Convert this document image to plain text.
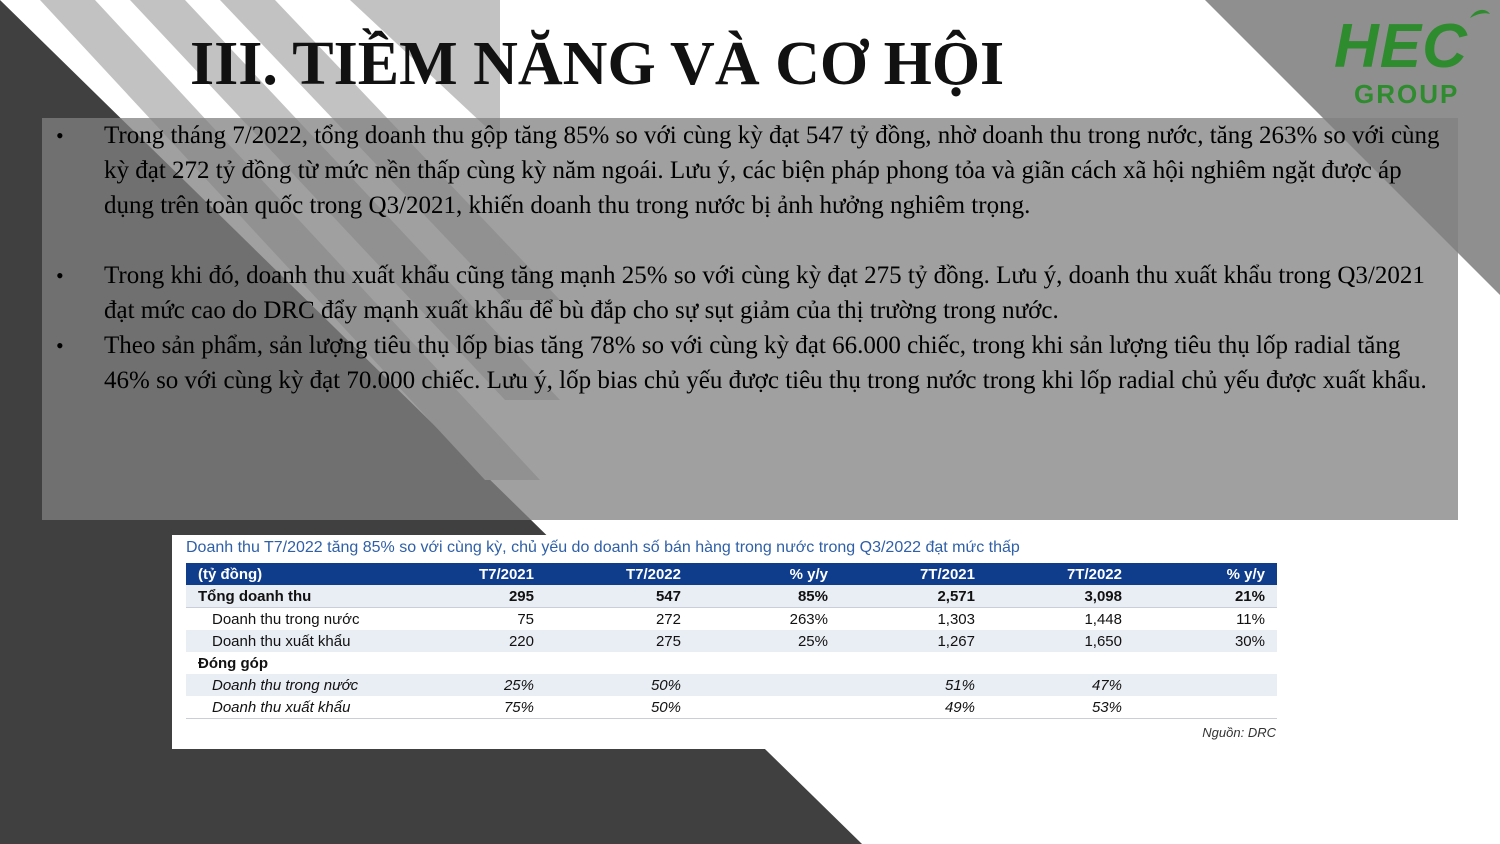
III. TIỀM NĂNG VÀ CƠ HỘI	HEC
GROUP
• Trong tháng 7/2022, tổng doanh thu gộp tăng 85% so với cùng kỳ đạt 547 tỷ đồng, nhờ doanh thu trong nước, tăng 263% so với cùng kỳ đạt 272 tỷ đồng từ mức nền thấp cùng kỳ năm ngoái. Lưu ý, các biện pháp phong tỏa và giãn cách xã hội nghiêm ngặt được áp dụng trên toàn quốc trong Q3/2021, khiến doanh thu trong nước bị ảnh hưởng nghiêm trọng.
• Trong khi đó, doanh thu xuất khẩu cũng tăng mạnh 25% so với cùng kỳ đạt 275 tỷ đồng. Lưu ý, doanh thu xuất khẩu trong Q3/2021 đạt mức cao do DRC đẩy mạnh xuất khẩu để bù đắp cho sự sụt giảm của thị trường trong nước.
• Theo sản phẩm, sản lượng tiêu thụ lốp bias tăng 78% so với cùng kỳ đạt 66.000 chiếc, trong khi sản lượng tiêu thụ lốp radial tăng 46% so với cùng kỳ đạt 70.000 chiếc. Lưu ý, lốp bias chủ yếu được tiêu thụ trong nước trong khi lốp radial chủ yếu được xuất khẩu.
Doanh thu T7/2022 tăng 85% so với cùng kỳ, chủ yếu do doanh số bán hàng trong nước trong Q3/2022 đạt mức thấp
(tỷ đồng)	T7/2021	T7/2022	% y/y	7T/2021	7T/2022	% y/y
Tổng doanh thu	295	547	85%	2,571	3,098	21%
Doanh thu trong nước	75	272	263%	1,303	1,448	11%
Doanh thu xuất khẩu	220	275	25%	1,267	1,650	30%
Đóng góp						
Doanh thu trong nước	25%	50%		51%	47%	
Doanh thu xuất khẩu	75%	50%		49%	53%	
Nguồn: DRC
